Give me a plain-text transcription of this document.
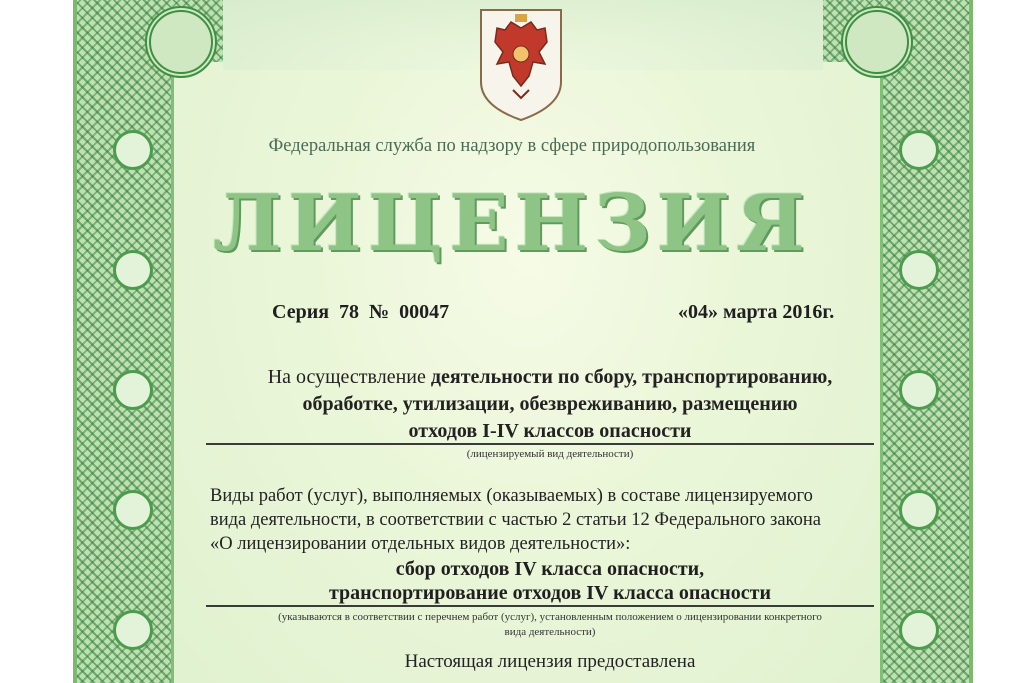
Федеральная служба по надзору в сфере природопользования
ЛИЦЕНЗИЯ
Серия 78 № 00047	«04» марта 2016г.
На осуществление деятельности по сбору, транспортированию,
обработке, утилизации, обезвреживанию, размещению
отходов I-IV классов опасности
(лицензируемый вид деятельности)
Виды работ (услуг), выполняемых (оказываемых) в составе лицензируемого
вида деятельности, в соответствии с частью 2 статьи 12 Федерального закона
«О лицензировании отдельных видов деятельности»:
сбор отходов IV класса опасности,
транспортирование отходов IV класса опасности
(указываются в соответствии с перечнем работ (услуг), установленным положением о лицензировании конкретного
вида деятельности)
Настоящая лицензия предоставлена
